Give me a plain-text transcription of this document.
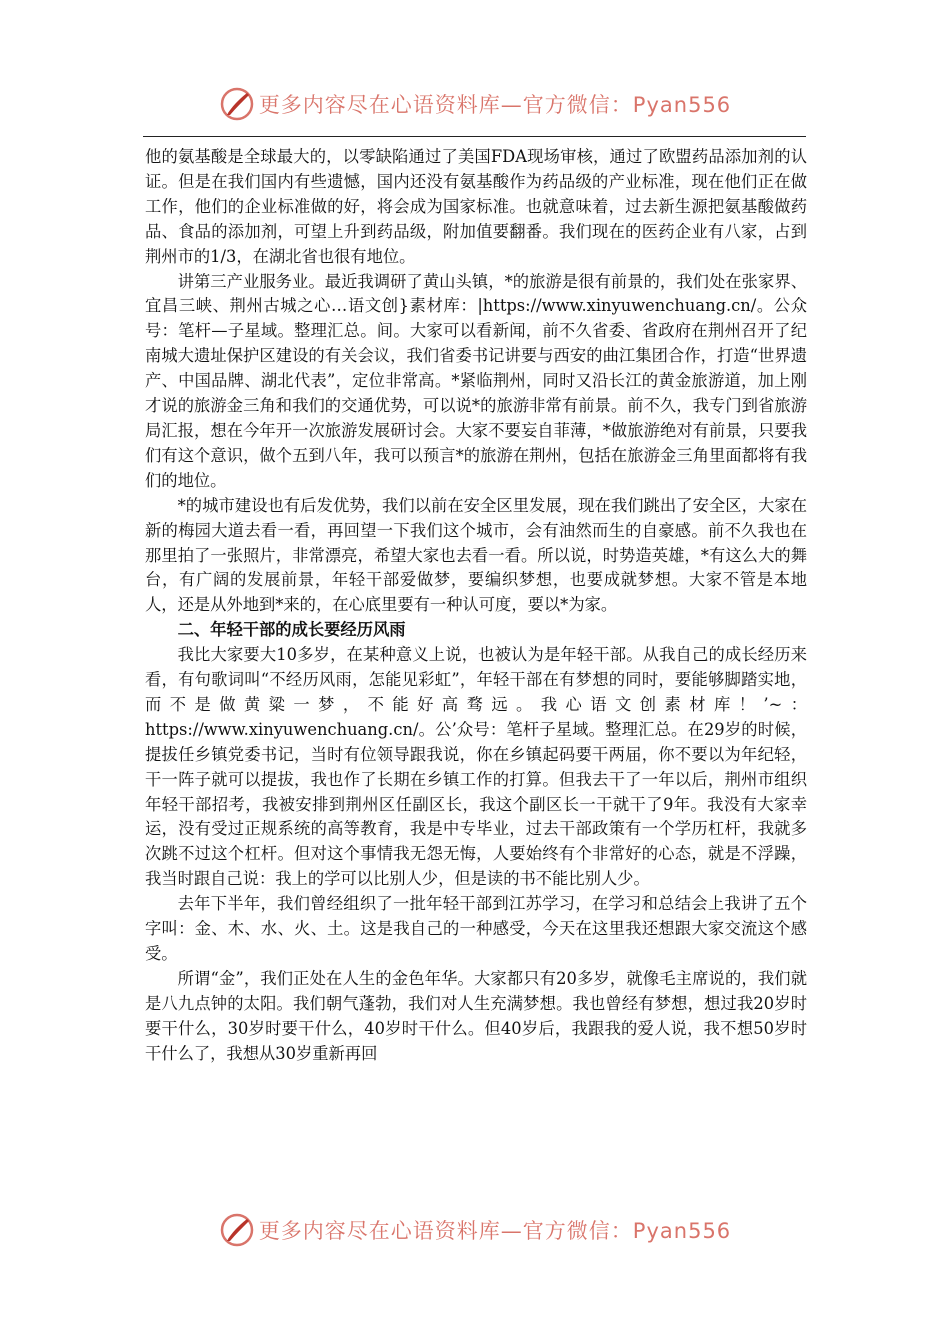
更多内容尽在心语资料库—官方微信：Pyan556

他的氨基酸是全球最大的，以零缺陷通过了美国FDA现场审核，通过了欧盟药品添加剂的认证。但是在我们国内有些遗憾，国内还没有氨基酸作为药品级的产业标准，现在他们正在做工作，他们的企业标准做的好，将会成为国家标准。也就意味着，过去新生源把氨基酸做药品、食品的添加剂，可望上升到药品级，附加值要翻番。我们现在的医药企业有八家，占到荆州市的1/3，在湖北省也很有地位。

讲第三产业服务业。最近我调研了黄山头镇，*的旅游是很有前景的，我们处在张家界、宜昌三峡、荆州古城之心…语文创}素材库：|https://www.xinyuwenchuang.cn/。公众号：笔杆—子星域。整理汇总。间。大家可以看新闻，前不久省委、省政府在荆州召开了纪南城大遗址保护区建设的有关会议，我们省委书记讲要与西安的曲江集团合作，打造“世界遗产、中国品牌、湖北代表”，定位非常高。*紧临荆州，同时又沿长江的黄金旅游道，加上刚才说的旅游金三角和我们的交通优势，可以说*的旅游非常有前景。前不久，我专门到省旅游局汇报，想在今年开一次旅游发展研讨会。大家不要妄自菲薄，*做旅游绝对有前景，只要我们有这个意识，做个五到八年，我可以预言*的旅游在荆州，包括在旅游金三角里面都将有我们的地位。

*的城市建设也有后发优势，我们以前在安全区里发展，现在我们跳出了安全区，大家在新的梅园大道去看一看，再回望一下我们这个城市，会有油然而生的自豪感。前不久我也在那里拍了一张照片，非常漂亮，希望大家也去看一看。所以说，时势造英雄，*有这么大的舞台，有广阔的发展前景，年轻干部爱做梦，要编织梦想，也要成就梦想。大家不管是本地人，还是从外地到*来的，在心底里要有一种认可度，要以*为家。

二、年轻干部的成长要经历风雨

我比大家要大10多岁，在某种意义上说，也被认为是年轻干部。从我自己的成长经历来看，有句歌词叫“不经历风雨，怎能见彩虹”，年轻干部在有梦想的同时，要能够脚踏实地，而不是做黄粱一梦，不能好高骛远。我心语文创素材库！’~：https://www.xinyuwenchuang.cn/。公’众号：笔杆子星域。整理汇总。在29岁的时候，提拔任乡镇党委书记，当时有位领导跟我说，你在乡镇起码要干两届，你不要以为年纪轻，干一阵子就可以提拔，我也作了长期在乡镇工作的打算。但我去干了一年以后，荆州市组织年轻干部招考，我被安排到荆州区任副区长，我这个副区长一干就干了9年。我没有大家幸运，没有受过正规系统的高等教育，我是中专毕业，过去干部政策有一个学历杠杆，我就多次跳不过这个杠杆。但对这个事情我无怨无悔，人要始终有个非常好的心态，就是不浮躁，我当时跟自己说：我上的学可以比别人少，但是读的书不能比别人少。

去年下半年，我们曾经组织了一批年轻干部到江苏学习，在学习和总结会上我讲了五个字叫：金、木、水、火、土。这是我自己的一种感受，今天在这里我还想跟大家交流这个感受。

所谓“金”，我们正处在人生的金色年华。大家都只有20多岁，就像毛主席说的，我们就是八九点钟的太阳。我们朝气蓬勃，我们对人生充满梦想。我也曾经有梦想，想过我20岁时要干什么，30岁时要干什么，40岁时干什么。但40岁后，我跟我的爱人说，我不想50岁时干什么了，我想从30岁重新再回

更多内容尽在心语资料库—官方微信：Pyan556
